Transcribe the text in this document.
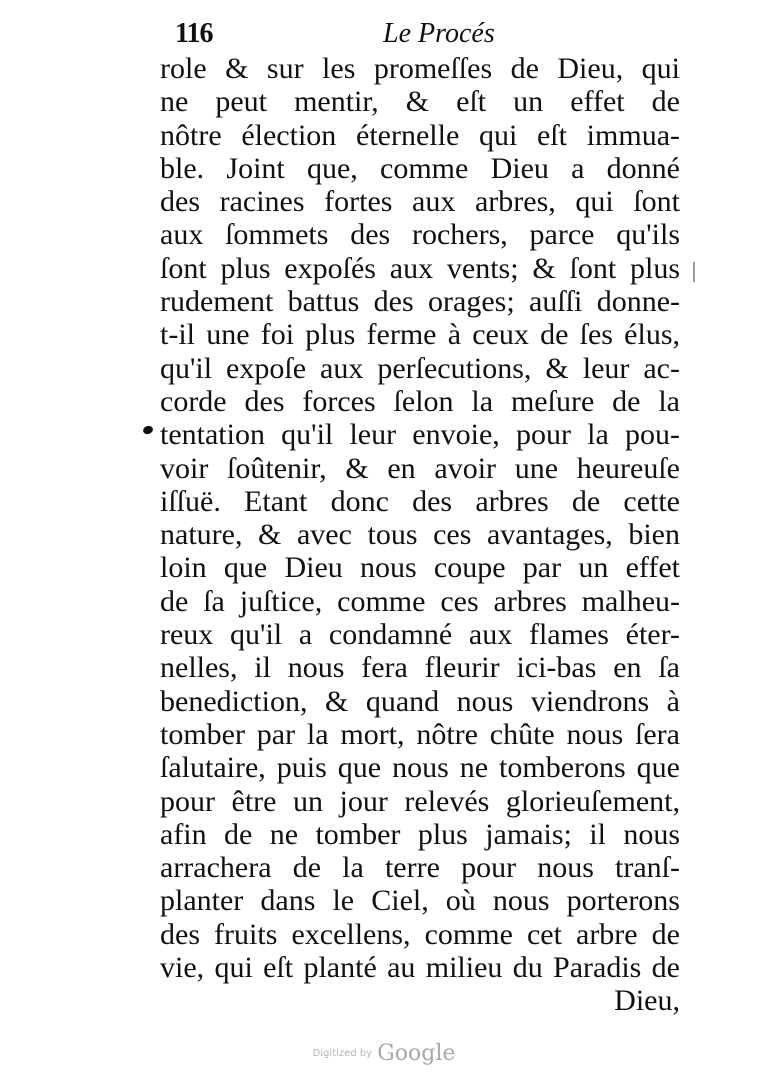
116	Le Procés
role & sur les promeſſes de Dieu, qui
ne peut mentir, & eſt un effet de
nôtre élection éternelle qui eſt immua-
ble. Joint que, comme Dieu a donné
des racines fortes aux arbres, qui ſont
aux ſommets des rochers, parce qu'ils
ſont plus expoſés aux vents; & ſont plus
rudement battus des orages; auſſi donne-
t-il une foi plus ferme à ceux de ſes élus,
qu'il expoſe aux perſecutions, & leur ac-
corde des forces ſelon la meſure de la
tentation qu'il leur envoie, pour la pou-
voir ſoûtenir, & en avoir une heureuſe
iſſuë. Etant donc des arbres de cette
nature, & avec tous ces avantages, bien
loin que Dieu nous coupe par un effet
de ſa juſtice, comme ces arbres malheu-
reux qu'il a condamné aux flames éter-
nelles, il nous fera fleurir ici-bas en ſa
benediction, & quand nous viendrons à
tomber par la mort, nôtre chûte nous ſera
ſalutaire, puis que nous ne tomberons que
pour être un jour relevés glorieuſement,
afin de ne tomber plus jamais; il nous
arrachera de la terre pour nous tranſ-
planter dans le Ciel, où nous porterons
des fruits excellens, comme cet arbre de
vie, qui eſt planté au milieu du Paradis de
Dieu,
Digitized by Google
